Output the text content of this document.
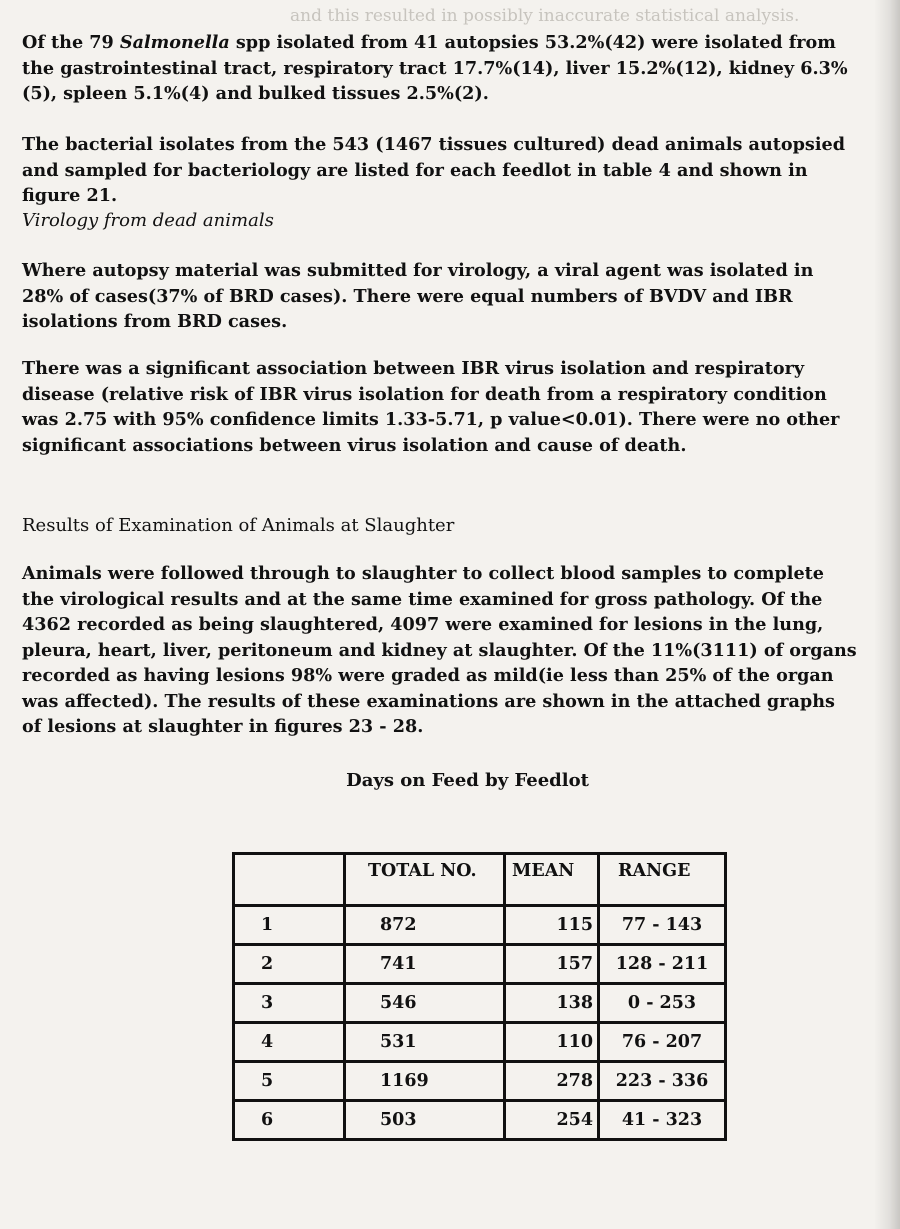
and this resulted in possibly inaccurate statistical analysis.
Of the 79 Salmonella spp isolated from 41 autopsies 53.2%(42) were isolated from the gastrointestinal tract, respiratory tract 17.7%(14), liver 15.2%(12), kidney 6.3%(5), spleen 5.1%(4) and bulked tissues 2.5%(2).
The bacterial isolates from the 543 (1467 tissues cultured) dead animals autopsied and sampled for bacteriology are listed for each feedlot in table 4 and shown in figure 21.
Virology from dead animals
Where autopsy material was submitted for virology, a viral agent was isolated in 28% of cases(37% of BRD cases). There were equal numbers of BVDV and IBR isolations from BRD cases.
There was a significant association between IBR virus isolation and respiratory disease (relative risk of IBR virus isolation for death from a respiratory condition was 2.75 with 95% confidence limits 1.33-5.71, p value<0.01). There were no other significant associations between virus isolation and cause of death.
Results of Examination of Animals at Slaughter
Animals were followed through to slaughter to collect blood samples to complete the virological results and at the same time examined for gross pathology. Of the 4362 recorded as being slaughtered, 4097 were examined for lesions in the lung, pleura, heart, liver, peritoneum and kidney at slaughter. Of the 11%(3111) of organs recorded as having lesions 98% were graded as mild(ie less than 25% of the organ was affected). The results of these examinations are shown in the attached graphs of lesions at slaughter in figures 23 - 28.
Days on Feed by Feedlot
	TOTAL NO.	MEAN	RANGE
1	872	115	77 - 143
2	741	157	128 - 211
3	546	138	0 - 253
4	531	110	76 - 207
5	1169	278	223 - 336
6	503	254	41 - 323
